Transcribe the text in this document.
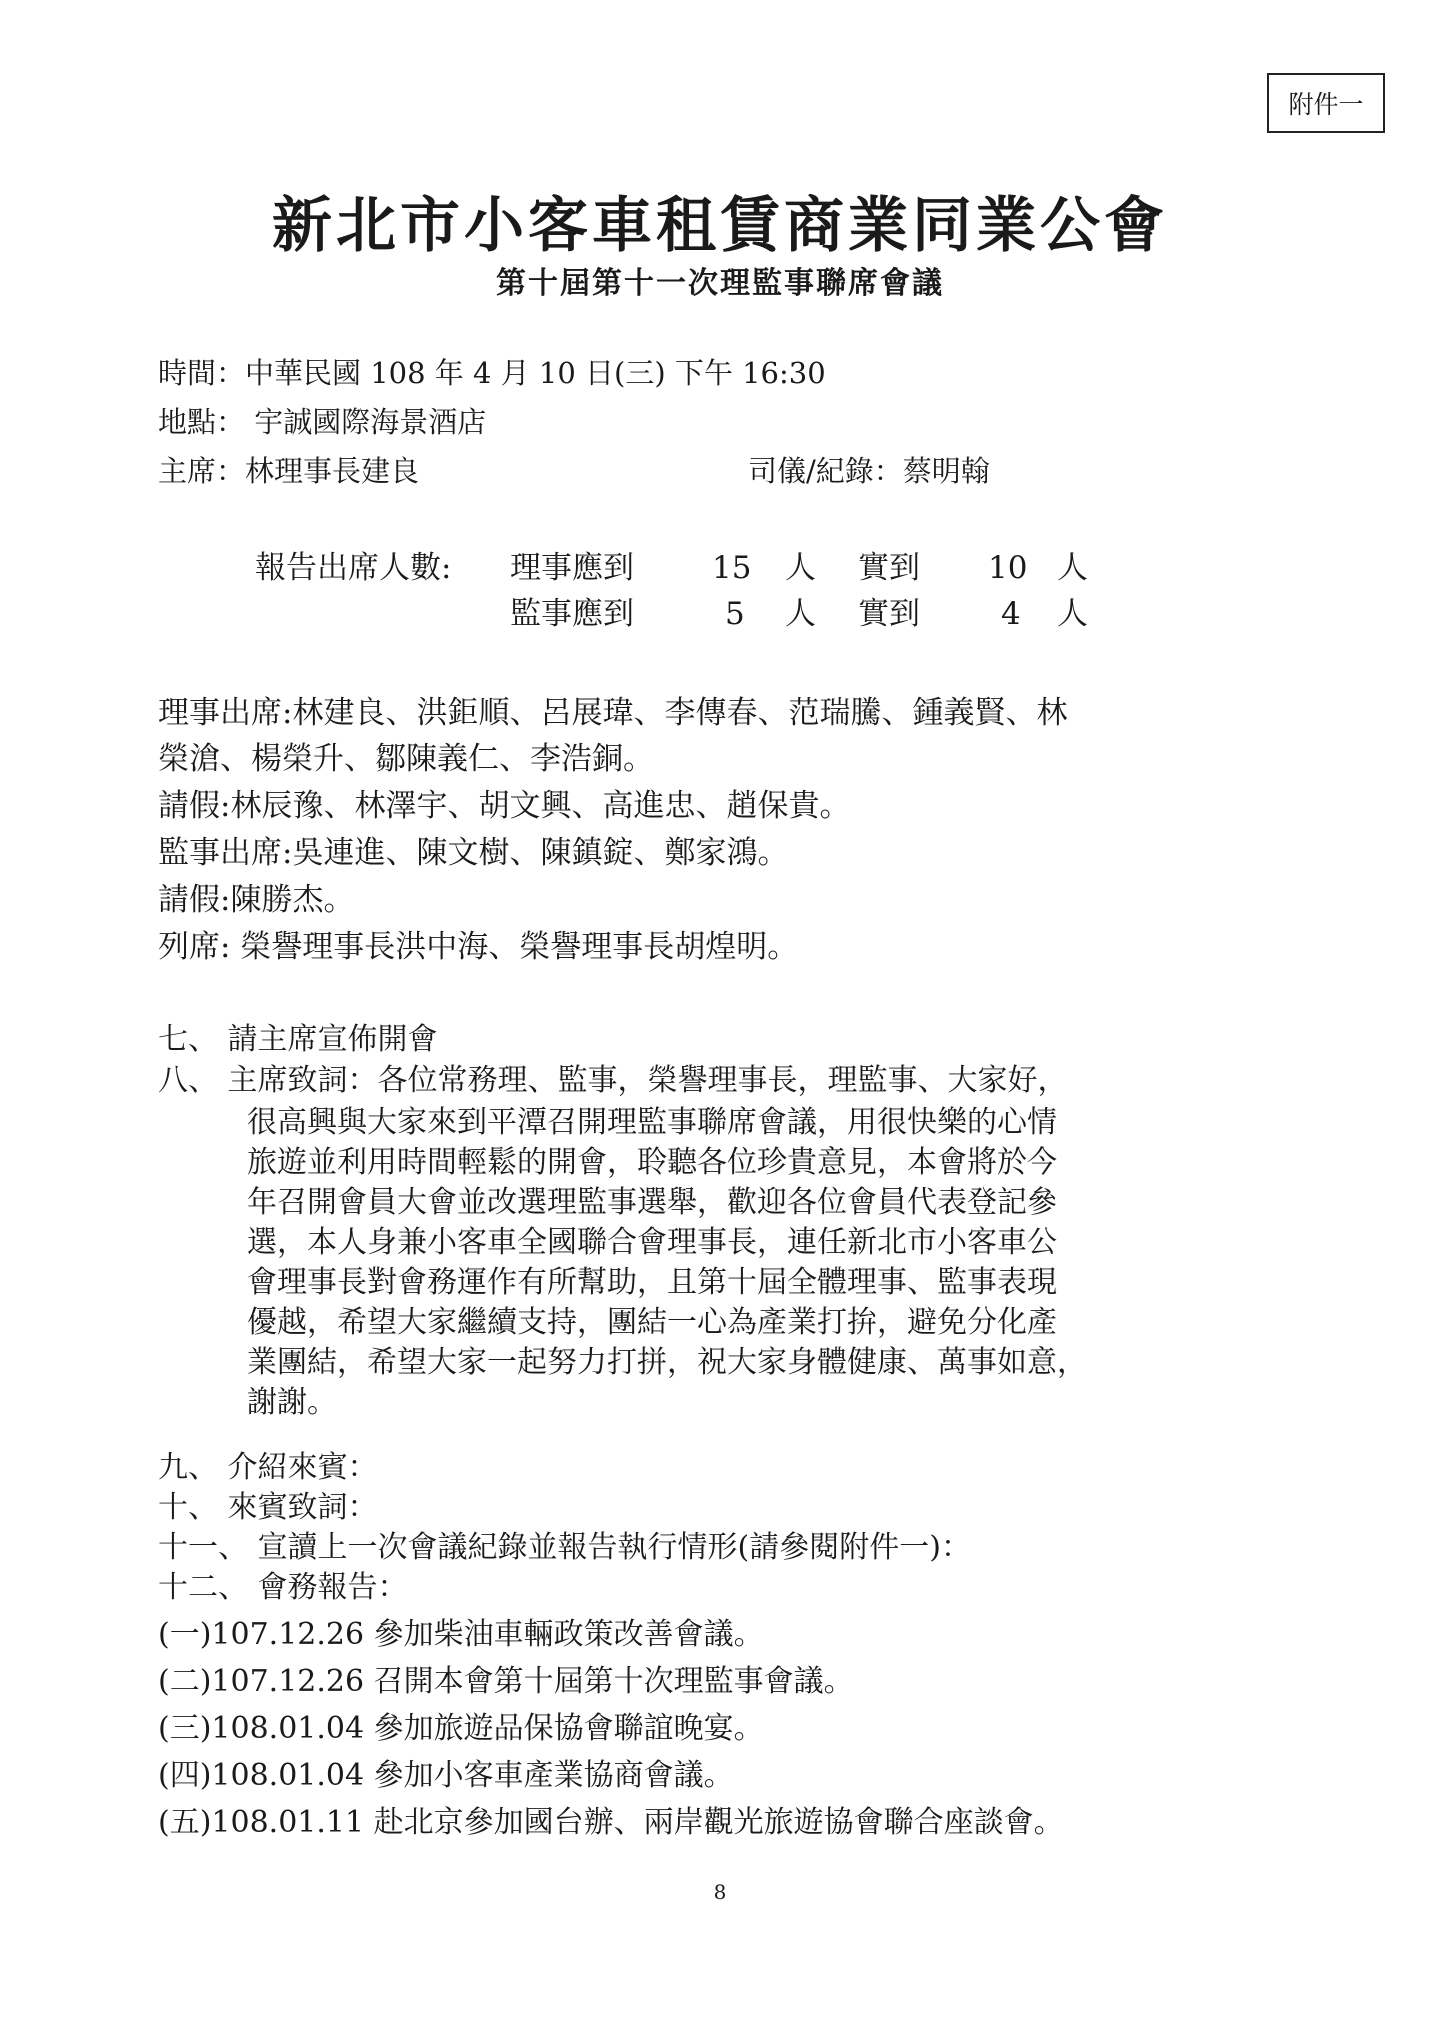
附件一
新北市小客車租賃商業同業公會
第十屆第十一次理監事聯席會議
時間：中華民國 108 年 4 月 10 日(三) 下午 16:30
地點： 宇誠國際海景酒店
主席：林理事長建良	司儀/紀錄：蔡明翰
報告出席人數: 理事應到	15 人 實到 10 人
監事應到	5 人 實到	4 人
理事出席:林建良、洪鉅順、呂展瑋、李傳春、范瑞騰、鍾義賢、林
榮滄、楊榮升、鄒陳義仁、李浩銅。
請假:林辰豫、林澤宇、胡文興、高進忠、趙保貴。
監事出席:吳連進、陳文樹、陳鎮錠、鄭家鴻。
請假:陳勝杰。
列席: 榮譽理事長洪中海、榮譽理事長胡煌明。
七、 請主席宣佈開會
八、 主席致詞：各位常務理、監事，榮譽理事長，理監事、大家好，
很高興與大家來到平潭召開理監事聯席會議，用很快樂的心情
旅遊並利用時間輕鬆的開會，聆聽各位珍貴意見，本會將於今
年召開會員大會並改選理監事選舉，歡迎各位會員代表登記參
選，本人身兼小客車全國聯合會理事長，連任新北市小客車公
會理事長對會務運作有所幫助，且第十屆全體理事、監事表現
優越，希望大家繼續支持，團結一心為產業打拚，避免分化產
業團結，希望大家一起努力打拼，祝大家身體健康、萬事如意，
謝謝。
九、 介紹來賓：
十、 來賓致詞：
十一、 宣讀上一次會議紀錄並報告執行情形(請參閱附件一)：
十二、 會務報告：
(一)107.12.26 參加柴油車輛政策改善會議。
(二)107.12.26 召開本會第十屆第十次理監事會議。
(三)108.01.04 參加旅遊品保協會聯誼晚宴。
(四)108.01.04 參加小客車產業協商會議。
(五)108.01.11 赴北京參加國台辦、兩岸觀光旅遊協會聯合座談會。
8
